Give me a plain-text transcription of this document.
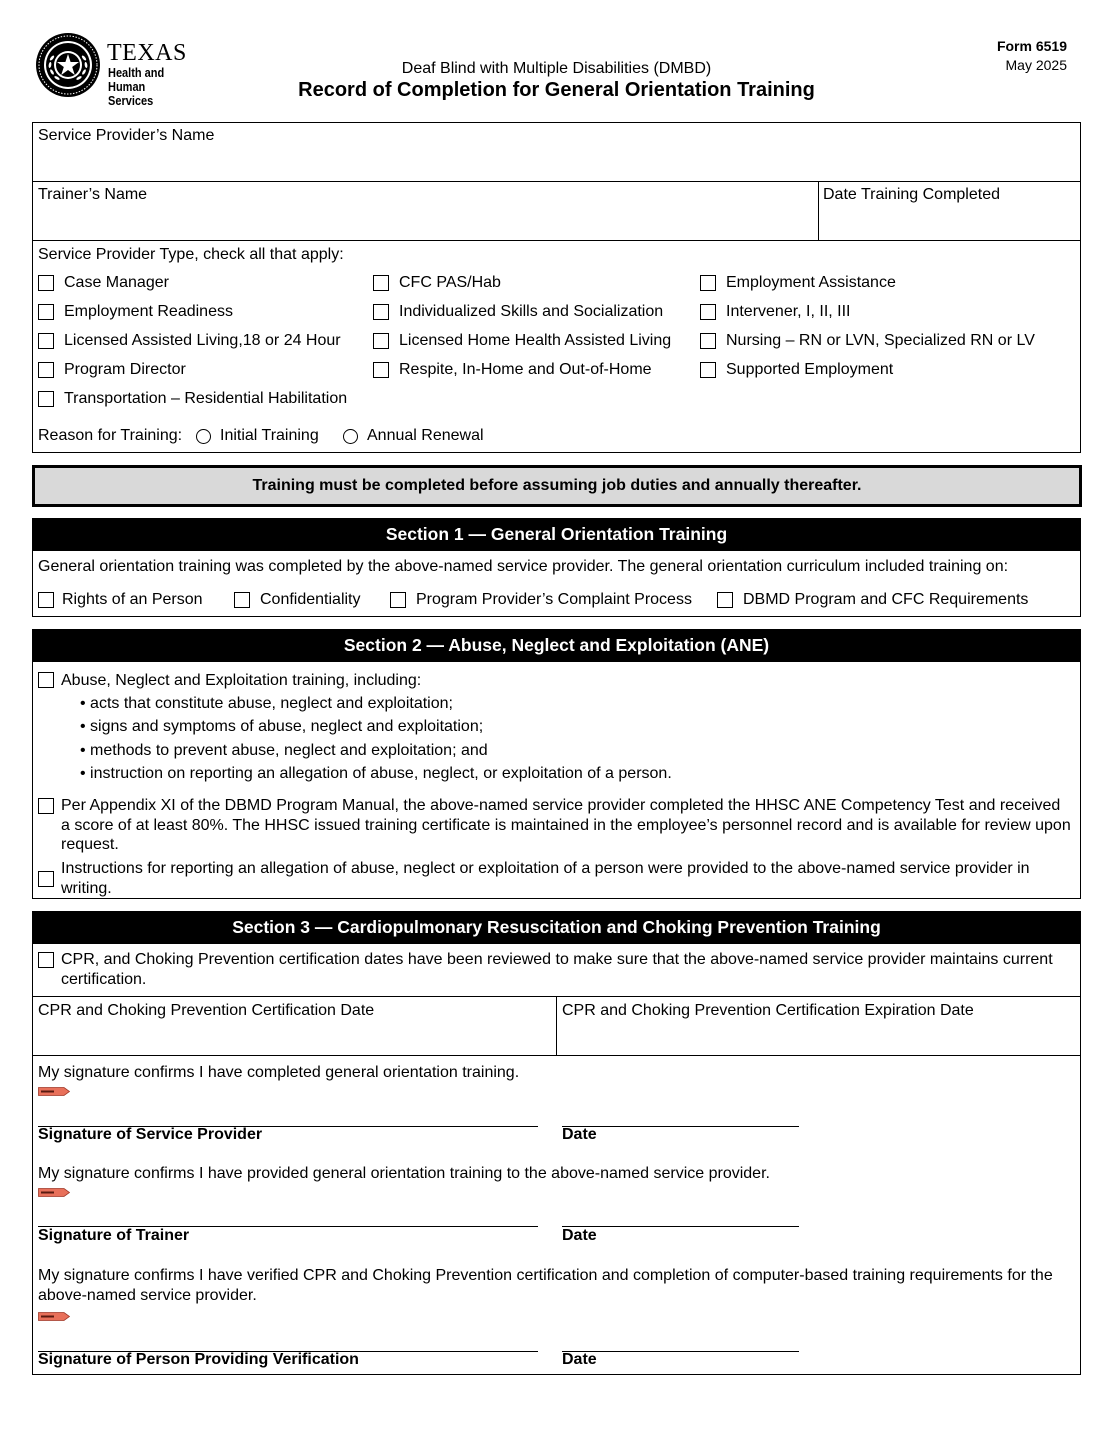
TEXAS
Health and Human
Services
Deaf Blind with Multiple Disabilities (DMBD)
Record of Completion for General Orientation Training
Form 6519
May 2025
Service Provider’s Name
Trainer’s Name	Date Training Completed
Service Provider Type, check all that apply:
Case Manager	CFC PAS/Hab	Employment Assistance
Employment Readiness	Individualized Skills and Socialization	Intervener, I, II, III
Licensed Assisted Living,18 or 24 Hour	Licensed Home Health Assisted Living	Nursing – RN or LVN, Specialized RN or LV
Program Director	Respite, In-Home and Out-of-Home	Supported Employment
Transportation – Residential Habilitation
Reason for Training: Initial Training	Annual Renewal
Training must be completed before assuming job duties and annually thereafter.
Section 1 — General Orientation Training
General orientation training was completed by the above-named service provider. The general orientation curriculum included training on:
Rights of an Person	Confidentiality	Program Provider’s Complaint Process	DBMD Program and CFC Requirements
Section 2 — Abuse, Neglect and Exploitation (ANE)
Abuse, Neglect and Exploitation training, including:
• acts that constitute abuse, neglect and exploitation;
• signs and symptoms of abuse, neglect and exploitation;
• methods to prevent abuse, neglect and exploitation; and
• instruction on reporting an allegation of abuse, neglect, or exploitation of a person.
Per Appendix XI of the DBMD Program Manual, the above-named service provider completed the HHSC ANE Competency Test and received a score of at least 80%. The HHSC issued training certificate is maintained in the employee’s personnel record and is available for review upon request.
Instructions for reporting an allegation of abuse, neglect or exploitation of a person were provided to the above-named service provider in writing.
Section 3 — Cardiopulmonary Resuscitation and Choking Prevention Training
CPR, and Choking Prevention certification dates have been reviewed to make sure that the above-named service provider maintains current certification.
CPR and Choking Prevention Certification Date	CPR and Choking Prevention Certification Expiration Date
My signature confirms I have completed general orientation training.
Signature of Service Provider	Date
My signature confirms I have provided general orientation training to the above-named service provider.
Signature of Trainer	Date
My signature confirms I have verified CPR and Choking Prevention certification and completion of computer-based training requirements for the above-named service provider.
Signature of Person Providing Verification	Date
